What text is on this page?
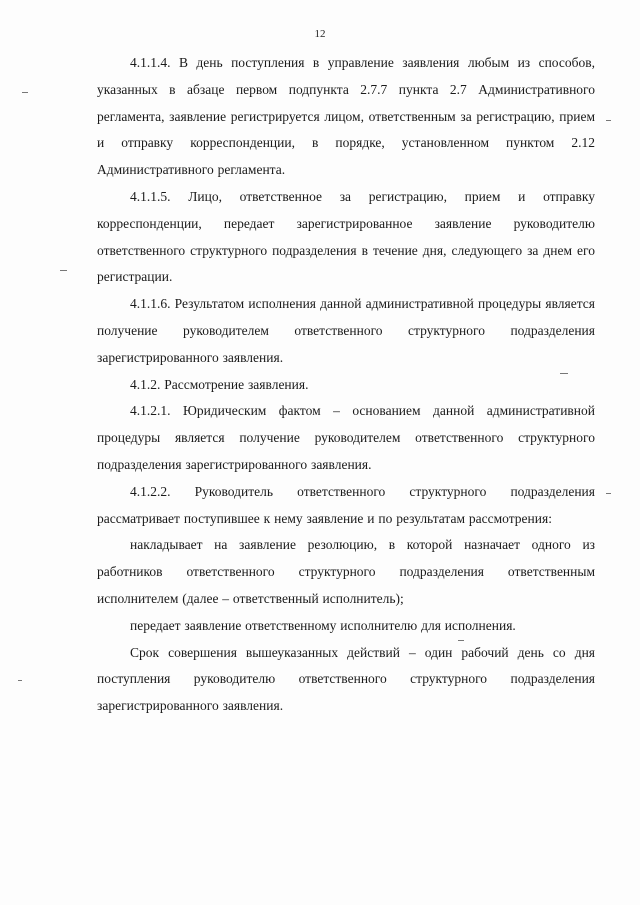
12

4.1.1.4. В день поступления в управление заявления любым из способов, указанных в абзаце первом подпункта 2.7.7 пункта 2.7 Административного регламента, заявление регистрируется лицом, ответственным за регистрацию, прием и отправку корреспонденции, в порядке, установленном пунктом 2.12 Административного регламента.

4.1.1.5. Лицо, ответственное за регистрацию, прием и отправку корреспонденции, передает зарегистрированное заявление руководителю ответственного структурного подразделения в течение дня, следующего за днем его регистрации.

4.1.1.6. Результатом исполнения данной административной процедуры является получение руководителем ответственного структурного подразделения зарегистрированного заявления.

4.1.2. Рассмотрение заявления.

4.1.2.1. Юридическим фактом – основанием данной административной процедуры является получение руководителем ответственного структурного подразделения зарегистрированного заявления.

4.1.2.2. Руководитель ответственного структурного подразделения рассматривает поступившее к нему заявление и по результатам рассмотрения:

накладывает на заявление резолюцию, в которой назначает одного из работников ответственного структурного подразделения ответственным исполнителем (далее – ответственный исполнитель);

передает заявление ответственному исполнителю для исполнения.

Срок совершения вышеуказанных действий – один рабочий день со дня поступления руководителю ответственного структурного подразделения зарегистрированного заявления.
